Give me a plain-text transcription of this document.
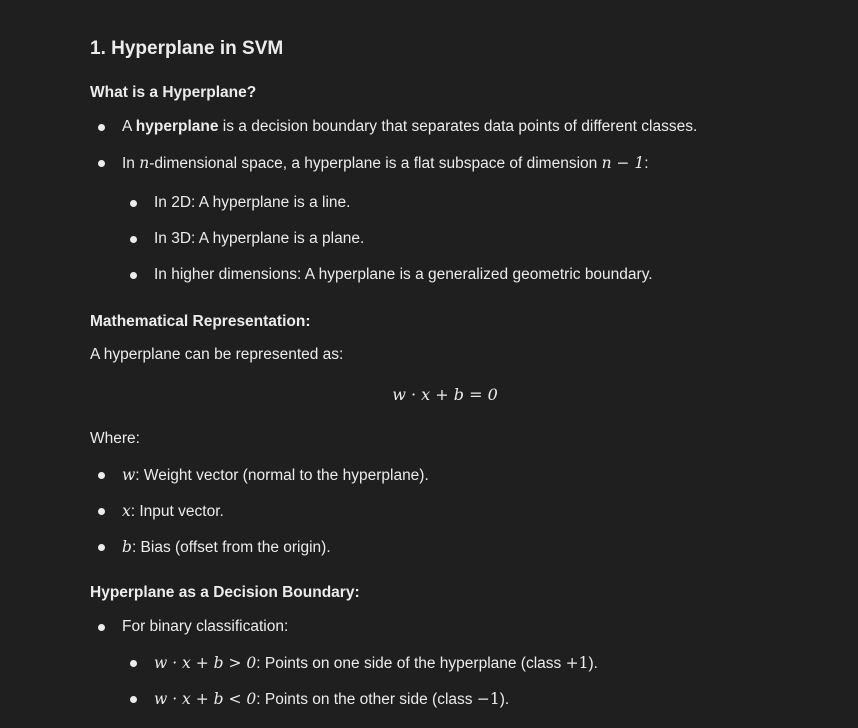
1. Hyperplane in SVM
What is a Hyperplane?
A hyperplane is a decision boundary that separates data points of different classes.
In n-dimensional space, a hyperplane is a flat subspace of dimension n − 1:
In 2D: A hyperplane is a line.
In 3D: A hyperplane is a plane.
In higher dimensions: A hyperplane is a generalized geometric boundary.
Mathematical Representation:
A hyperplane can be represented as:
w · x + b = 0
Where:
w: Weight vector (normal to the hyperplane).
x: Input vector.
b: Bias (offset from the origin).
Hyperplane as a Decision Boundary:
For binary classification:
w · x + b > 0: Points on one side of the hyperplane (class +1).
w · x + b < 0: Points on the other side (class −1).
